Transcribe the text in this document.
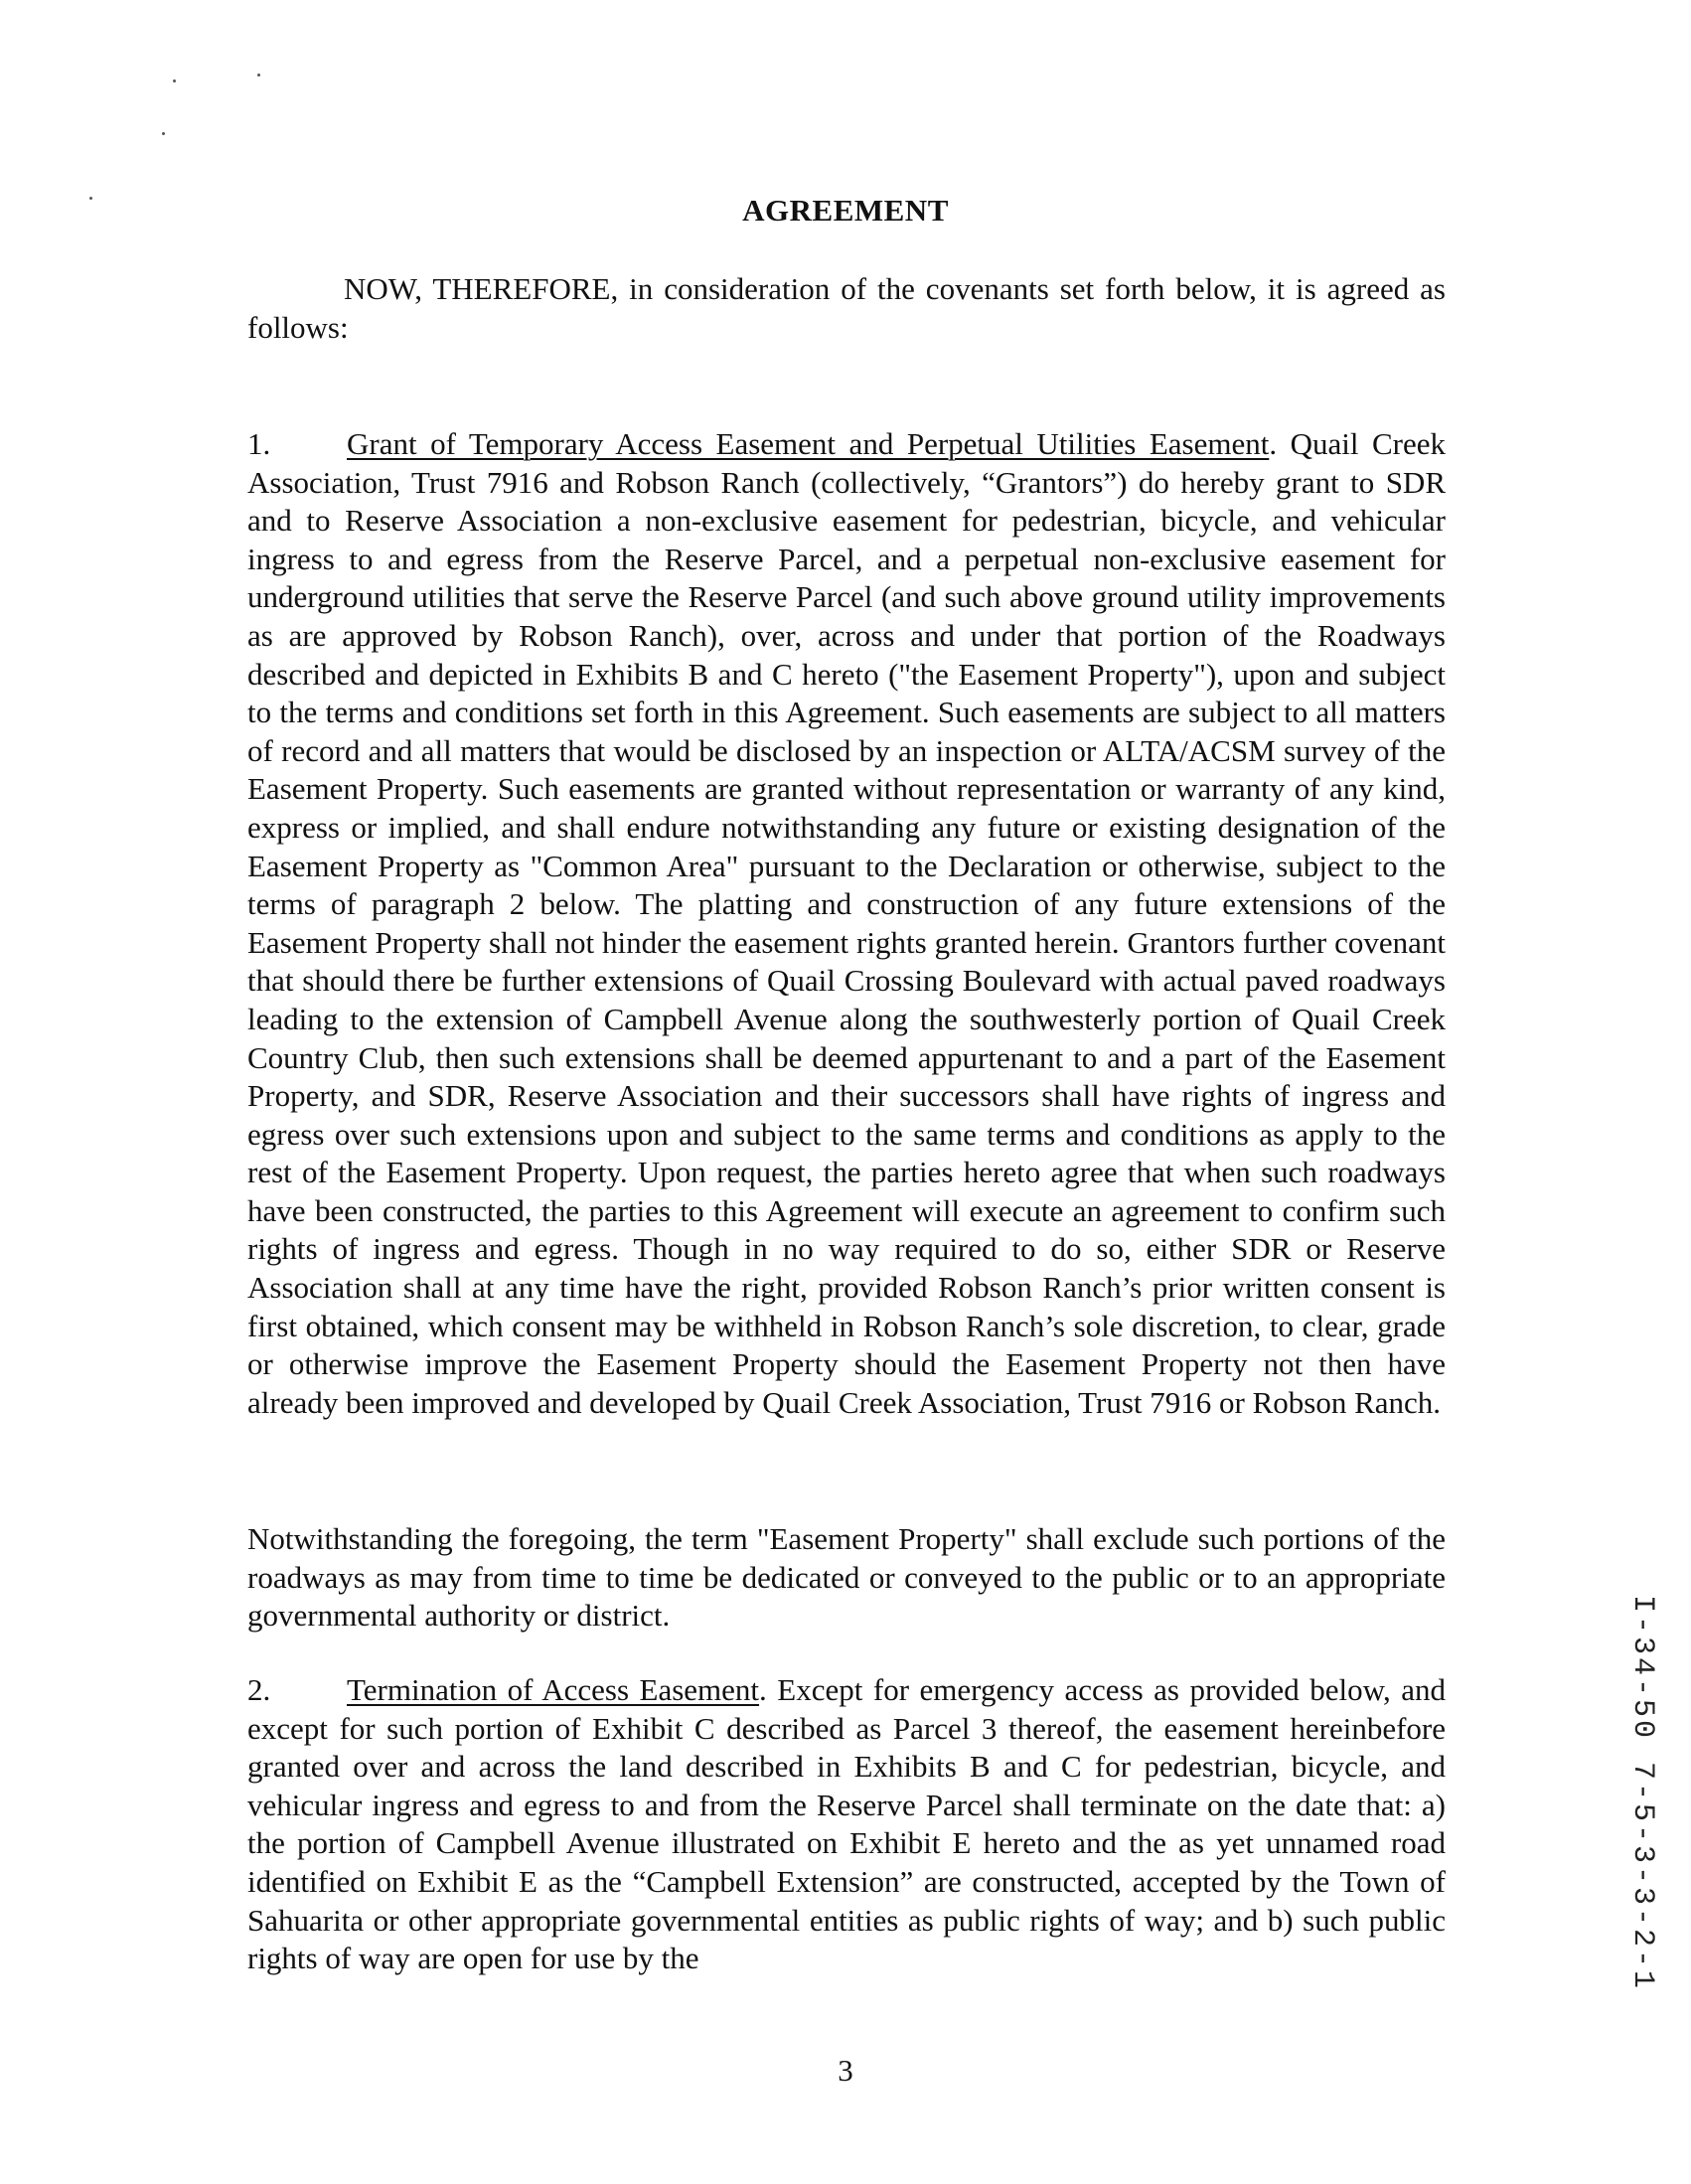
AGREEMENT
NOW, THEREFORE, in consideration of the covenants set forth below, it is agreed as follows:
1. Grant of Temporary Access Easement and Perpetual Utilities Easement. Quail Creek Association, Trust 7916 and Robson Ranch (collectively, “Grantors”) do hereby grant to SDR and to Reserve Association a non-exclusive easement for pedestrian, bicycle, and vehicular ingress to and egress from the Reserve Parcel, and a perpetual non-exclusive easement for underground utilities that serve the Reserve Parcel (and such above ground utility improvements as are approved by Robson Ranch), over, across and under that portion of the Roadways described and depicted in Exhibits B and C hereto ("the Easement Property"), upon and subject to the terms and conditions set forth in this Agreement. Such easements are subject to all matters of record and all matters that would be disclosed by an inspection or ALTA/ACSM survey of the Easement Property. Such easements are granted without representation or warranty of any kind, express or implied, and shall endure notwithstanding any future or existing designation of the Easement Property as "Common Area" pursuant to the Declaration or otherwise, subject to the terms of paragraph 2 below. The platting and construction of any future extensions of the Easement Property shall not hinder the easement rights granted herein. Grantors further covenant that should there be further extensions of Quail Crossing Boulevard with actual paved roadways leading to the extension of Campbell Avenue along the southwesterly portion of Quail Creek Country Club, then such extensions shall be deemed appurtenant to and a part of the Easement Property, and SDR, Reserve Association and their successors shall have rights of ingress and egress over such extensions upon and subject to the same terms and conditions as apply to the rest of the Easement Property. Upon request, the parties hereto agree that when such roadways have been constructed, the parties to this Agreement will execute an agreement to confirm such rights of ingress and egress. Though in no way required to do so, either SDR or Reserve Association shall at any time have the right, provided Robson Ranch’s prior written consent is first obtained, which consent may be withheld in Robson Ranch’s sole discretion, to clear, grade or otherwise improve the Easement Property should the Easement Property not then have already been improved and developed by Quail Creek Association, Trust 7916 or Robson Ranch.
Notwithstanding the foregoing, the term "Easement Property" shall exclude such portions of the roadways as may from time to time be dedicated or conveyed to the public or to an appropriate governmental authority or district.
2. Termination of Access Easement. Except for emergency access as provided below, and except for such portion of Exhibit C described as Parcel 3 thereof, the easement hereinbefore granted over and across the land described in Exhibits B and C for pedestrian, bicycle, and vehicular ingress and egress to and from the Reserve Parcel shall terminate on the date that: a) the portion of Campbell Avenue illustrated on Exhibit E hereto and the as yet unnamed road identified on Exhibit E as the “Campbell Extension” are constructed, accepted by the Town of Sahuarita or other appropriate governmental entities as public rights of way; and b) such public rights of way are open for use by the
3
I-34-50 7-5-3-3-2-1
